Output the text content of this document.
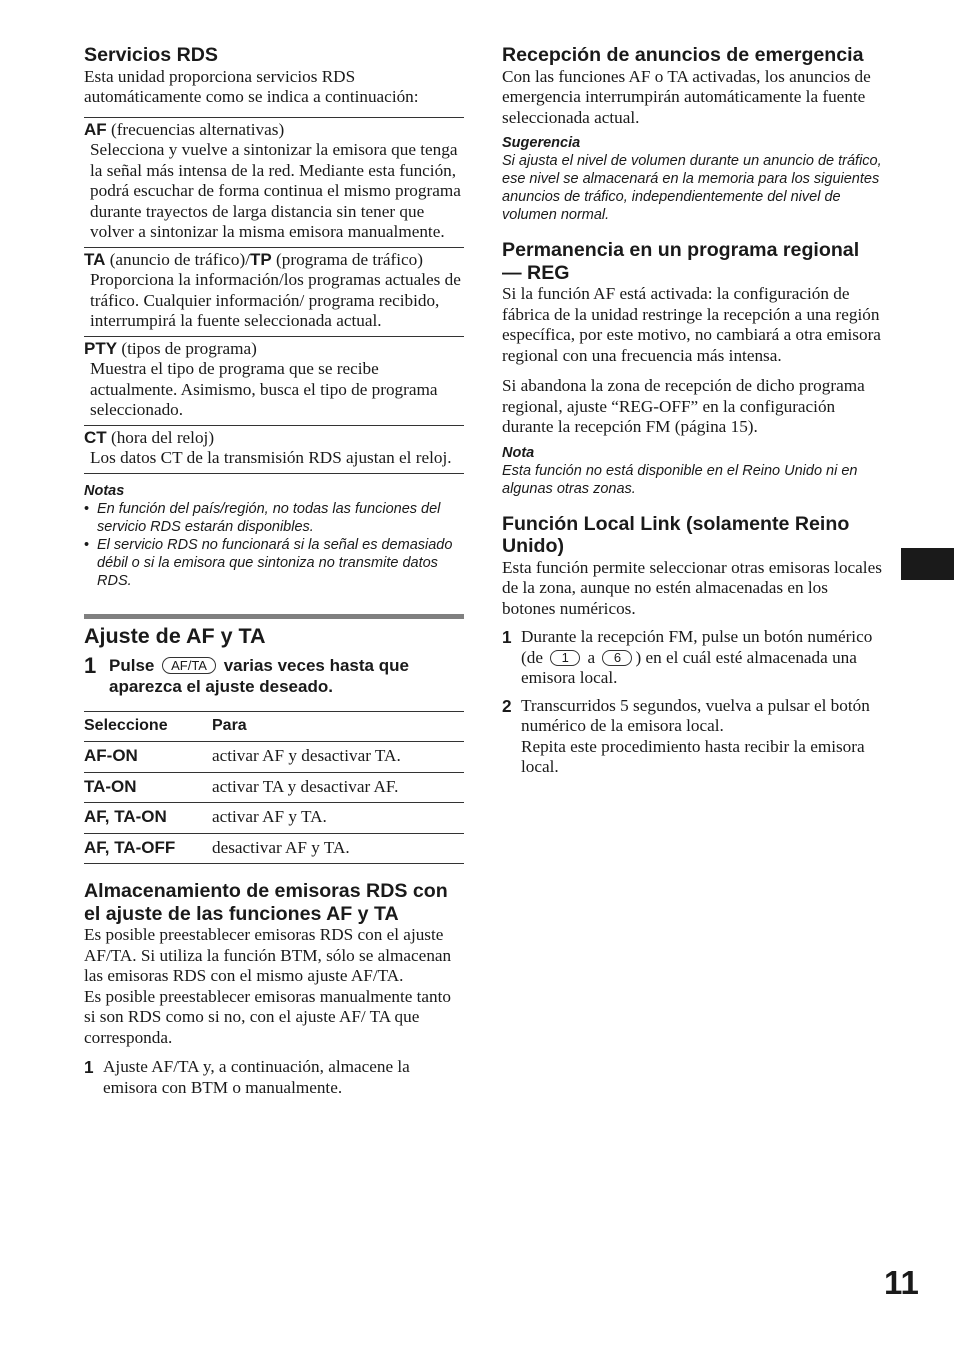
Servicios RDS

Esta unidad proporciona servicios RDS automáticamente como se indica a continuación:

AF (frecuencias alternativas)
Selecciona y vuelve a sintonizar la emisora que tenga la señal más intensa de la red. Mediante esta función, podrá escuchar de forma continua el mismo programa durante trayectos de larga distancia sin tener que volver a sintonizar la misma emisora manualmente.
TA (anuncio de tráfico)/TP (programa de tráfico)
Proporciona la información/los programas actuales de tráfico. Cualquier información/ programa recibido, interrumpirá la fuente seleccionada actual.
PTY (tipos de programa)
Muestra el tipo de programa que se recibe actualmente. Asimismo, busca el tipo de programa seleccionado.
CT (hora del reloj)
Los datos CT de la transmisión RDS ajustan el reloj.
Notas
• En función del país/región, no todas las funciones del servicio RDS estarán disponibles.
• El servicio RDS no funcionará si la señal es demasiado débil o si la emisora que sintoniza no transmite datos RDS.
Ajuste de AF y TA
1 Pulse AF/TA varias veces hasta que aparezca el ajuste deseado.
Seleccione	Para
AF-ON	activar AF y desactivar TA.
TA-ON	activar TA y desactivar AF.
AF, TA-ON	activar AF y TA.
AF, TA-OFF	desactivar AF y TA.
Almacenamiento de emisoras RDS con el ajuste de las funciones AF y TA

Es posible preestablecer emisoras RDS con el ajuste AF/TA. Si utiliza la función BTM, sólo se almacenan las emisoras RDS con el mismo ajuste AF/TA.

Es posible preestablecer emisoras manualmente tanto si son RDS como si no, con el ajuste AF/ TA que corresponda.

1 Ajuste AF/TA y, a continuación, almacene la emisora con BTM o manualmente.
Recepción de anuncios de emergencia

Con las funciones AF o TA activadas, los anuncios de emergencia interrumpirán automáticamente la fuente seleccionada actual.

Sugerencia
Si ajusta el nivel de volumen durante un anuncio de tráfico, ese nivel se almacenará en la memoria para los siguientes anuncios de tráfico, independientemente del nivel de volumen normal.
Permanencia en un programa regional — REG

Si la función AF está activada: la configuración de fábrica de la unidad restringe la recepción a una región específica, por este motivo, no cambiará a otra emisora regional con una frecuencia más intensa.

Si abandona la zona de recepción de dicho programa regional, ajuste “REG-OFF” en la configuración durante la recepción FM (página 15).

Nota
Esta función no está disponible en el Reino Unido ni en algunas otras zonas.
Función Local Link (solamente Reino Unido)

Esta función permite seleccionar otras emisoras locales de la zona, aunque no estén almacenadas en los botones numéricos.

1 Durante la recepción FM, pulse un botón numérico (de 1 a 6 ) en el cuál esté almacenada una emisora local.
2 Transcurridos 5 segundos, vuelva a pulsar el botón numérico de la emisora local.
Repita este procedimiento hasta recibir la emisora local.
11
